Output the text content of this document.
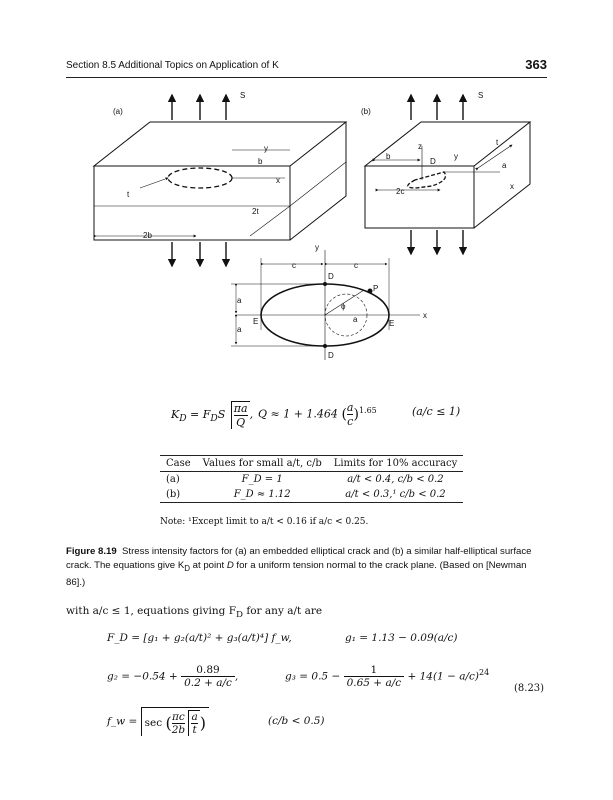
Section 8.5 Additional Topics on Application of K	363
(a)
S
y
b
x
t
2t
2b
(b)
S
z
b
D
y
t
a
x
2c
y
c	c
D
P
a
a
ϕ
a
E	E
x
D
$K_D = F_DS \frac{\pi a}{Q}$ , Q ≈ 1 + 1.464 ( $\frac{a}{c} )^{1.65}$	(a/c ≤ 1)
Case	Values for small a/t, c/b	Limits for 10% accuracy
(a)	F_D = 1	a/t < 0.4, c/b < 0.2
(b)	F_D ≈ 1.12	a/t < 0.3,¹ c/b < 0.2
Note: ¹Except limit to a/t < 0.16 if a/c < 0.25.
Figure 8.19 Stress intensity factors for (a) an embedded elliptical crack and (b) a similar half-elliptical surface crack. The equations give $K_D$ at point D for a uniform tension normal to the crack plane. (Based on [Newman 86].)
with a/c ≤ 1, equations giving $F_D$ for any a/t are
F_D = [g₁ + g₂(a/t)² + g₃(a/t)⁴] f_w,	g₁ = 1.13 − 0.09(a/c)
$g_2 = -0.54 + \frac{0.89}{0.2 + a/c}$ ,	$g_3 = 0.5 - \frac{1}{0.65 + a/c} + 14(1 - a/c)^{24}$
(8.23)
f_w = sec ( $\frac{\pi c}{2b}$
$\frac{a}{t}$ )	(c/b < 0.5)
